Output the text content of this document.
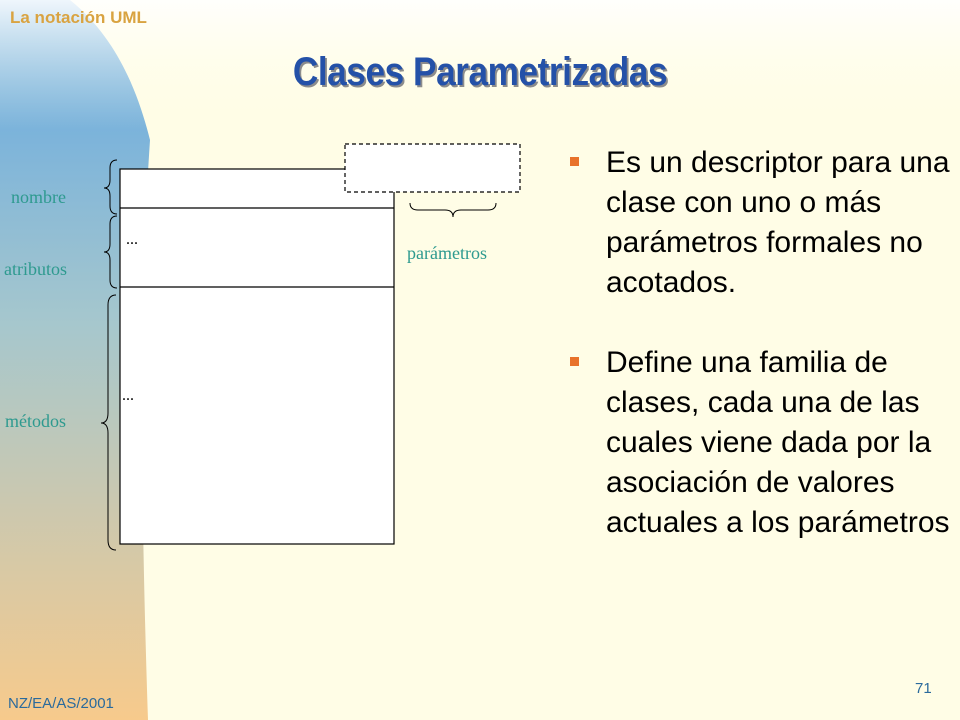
La notación UML
Clases Parametrizadas
nombre
atributos
métodos
parámetros
...
...
Es un descriptor para una clase con uno o más parámetros formales no acotados.
Define una familia de clases, cada una de las cuales viene dada por la asociación de valores actuales a los parámetros
NZ/EA/AS/2001
71
